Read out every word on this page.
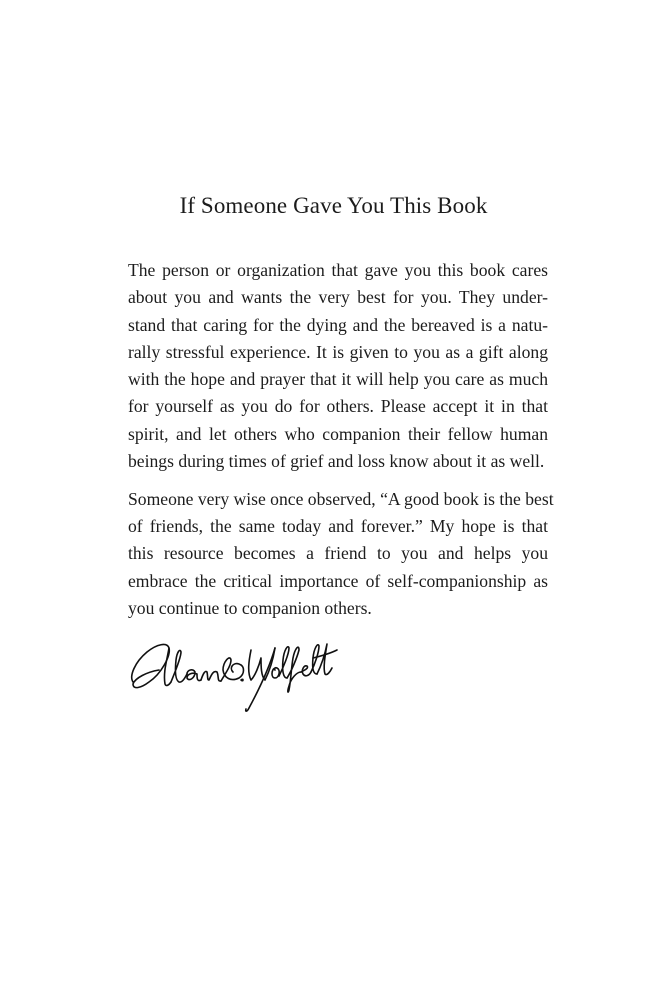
If Someone Gave You This Book

The person or organization that gave you this book cares
about you and wants the very best for you. They under-
stand that caring for the dying and the bereaved is a natu-
rally stressful experience. It is given to you as a gift along
with the hope and prayer that it will help you care as much
for yourself as you do for others. Please accept it in that
spirit, and let others who companion their fellow human
beings during times of grief and loss know about it as well.

Someone very wise once observed, “A good book is the best
of friends, the same today and forever.” My hope is that
this resource becomes a friend to you and helps you
embrace the critical importance of self-companionship as
you continue to companion others.
